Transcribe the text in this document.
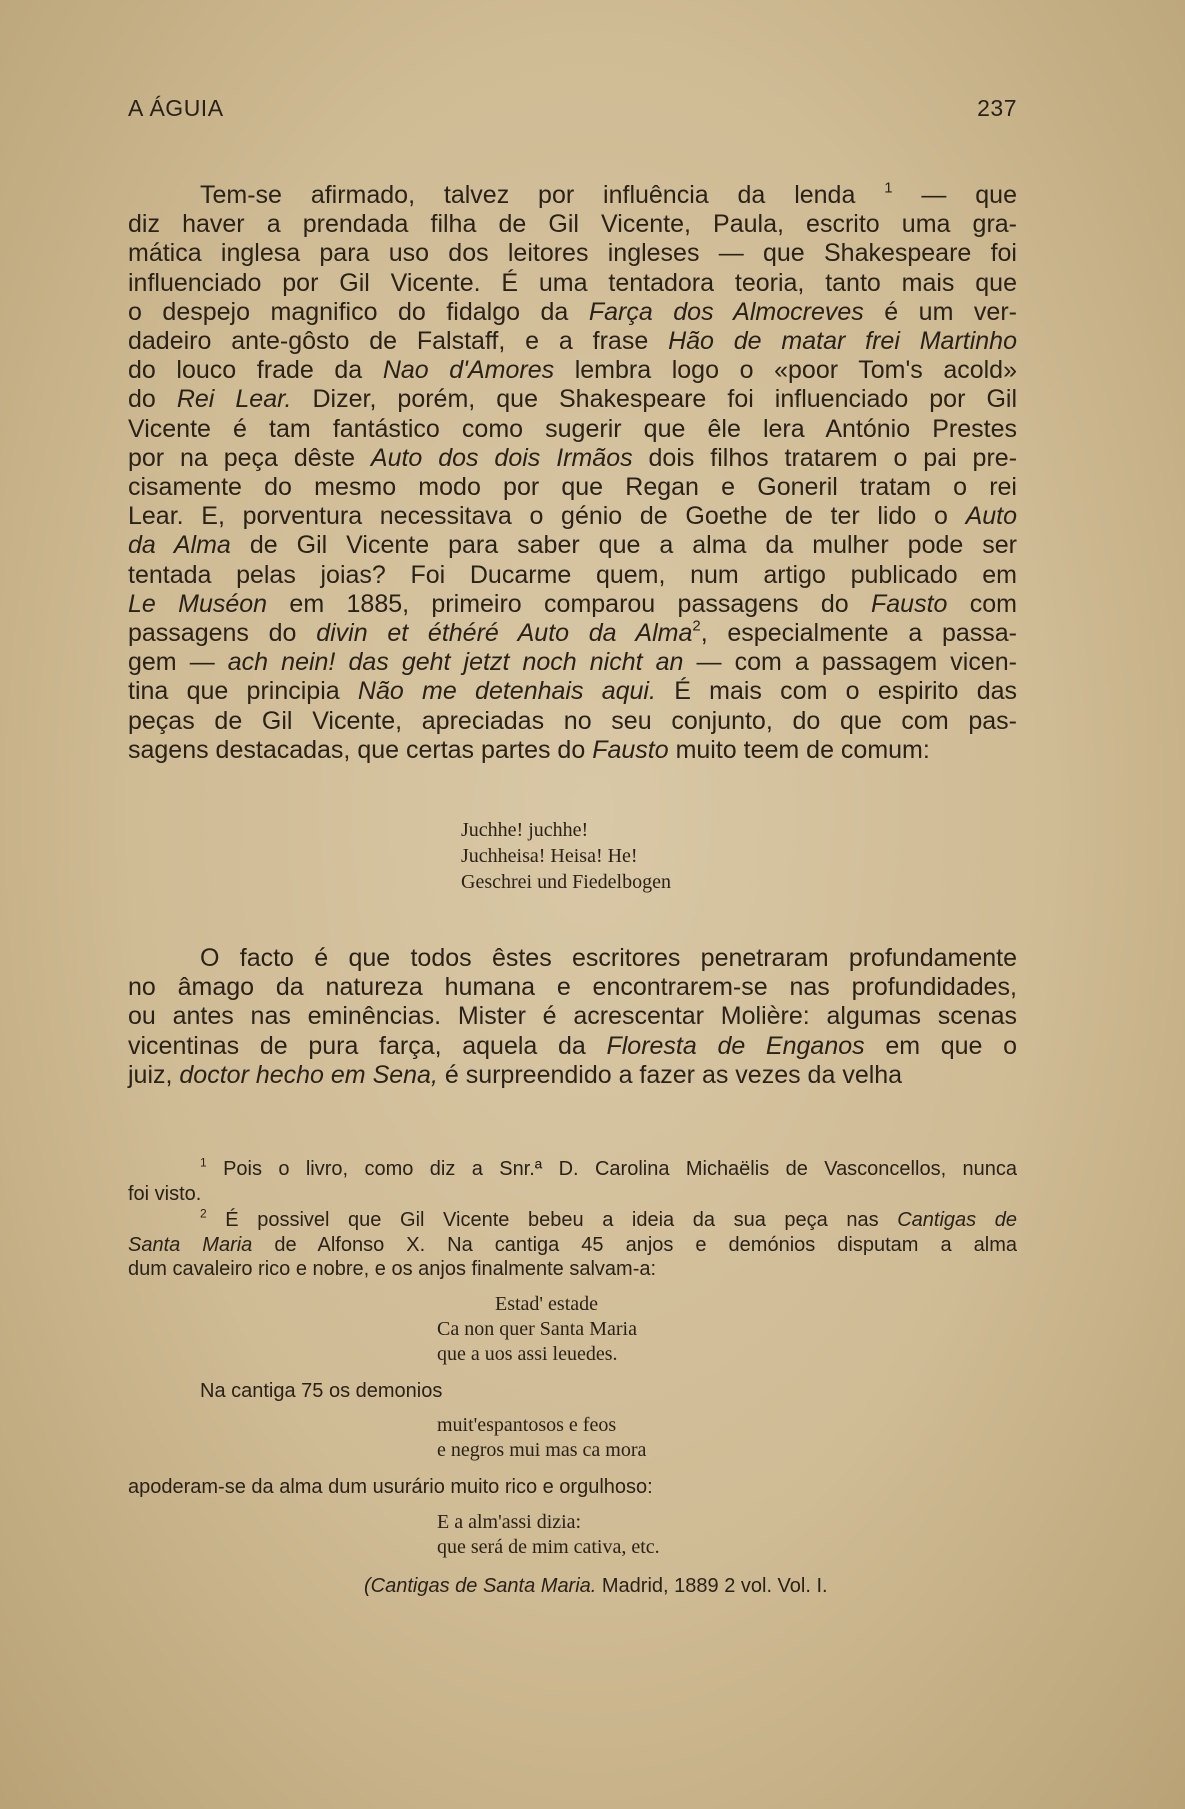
A ÁGUIA	237
Tem-se afirmado, talvez por influência da lenda $^1$ — que
diz haver a prendada filha de Gil Vicente, Paula, escrito uma gra-
mática inglesa para uso dos leitores ingleses — que Shakespeare foi
influenciado por Gil Vicente. É uma tentadora teoria, tanto mais que
o despejo magnifico do fidalgo da Farça dos Almocreves é um ver-
dadeiro ante-gôsto de Falstaff, e a frase Hão de matar frei Martinho
do louco frade da Nao d'Amores lembra logo o «poor Tom's acold»
do Rei Lear. Dizer, porém, que Shakespeare foi influenciado por Gil
Vicente é tam fantástico como sugerir que êle lera António Prestes
por na peça dêste Auto dos dois Irmãos dois filhos tratarem o pai pre-
cisamente do mesmo modo por que Regan e Goneril tratam o rei
Lear. E, porventura necessitava o génio de Goethe de ter lido o Auto
da Alma de Gil Vicente para saber que a alma da mulher pode ser
tentada pelas joias? Foi Ducarme quem, num artigo publicado em
Le Muséon em 1885, primeiro comparou passagens do Fausto com
passagens do divin et éthéré Auto da Alma$^2$, especialmente a passa-
gem — ach nein! das geht jetzt noch nicht an — com a passagem vicen-
tina que principia Não me detenhais aqui. É mais com o espirito das
peças de Gil Vicente, apreciadas no seu conjunto, do que com pas-
sagens destacadas, que certas partes do Fausto muito teem de comum:
Juchhe! juchhe!
Juchheisa! Heisa! He!
Geschrei und Fiedelbogen
O facto é que todos êstes escritores penetraram profundamente
no âmago da natureza humana e encontrarem-se nas profundidades,
ou antes nas eminências. Mister é acrescentar Molière: algumas scenas
vicentinas de pura farça, aquela da Floresta de Enganos em que o
juiz, doctor hecho em Sena, é surpreendido a fazer as vezes da velha
$^1$ Pois o livro, como diz a Snr.ª D. Carolina Michaëlis de Vasconcellos, nunca
foi visto.
$^2$ É possivel que Gil Vicente bebeu a ideia da sua peça nas Cantigas de
Santa Maria de Alfonso X. Na cantiga 45 anjos e demónios disputam a alma
dum cavaleiro rico e nobre, e os anjos finalmente salvam-a:
Estad' estade
Ca non quer Santa Maria
que a uos assi leuedes.
Na cantiga 75 os demonios
muit'espantosos e feos
e negros mui mas ca mora
apoderam-se da alma dum usurário muito rico e orgulhoso:
E a alm'assi dizia:
que será de mim cativa, etc.
(Cantigas de Santa Maria. Madrid, 1889 2 vol. Vol. I.
